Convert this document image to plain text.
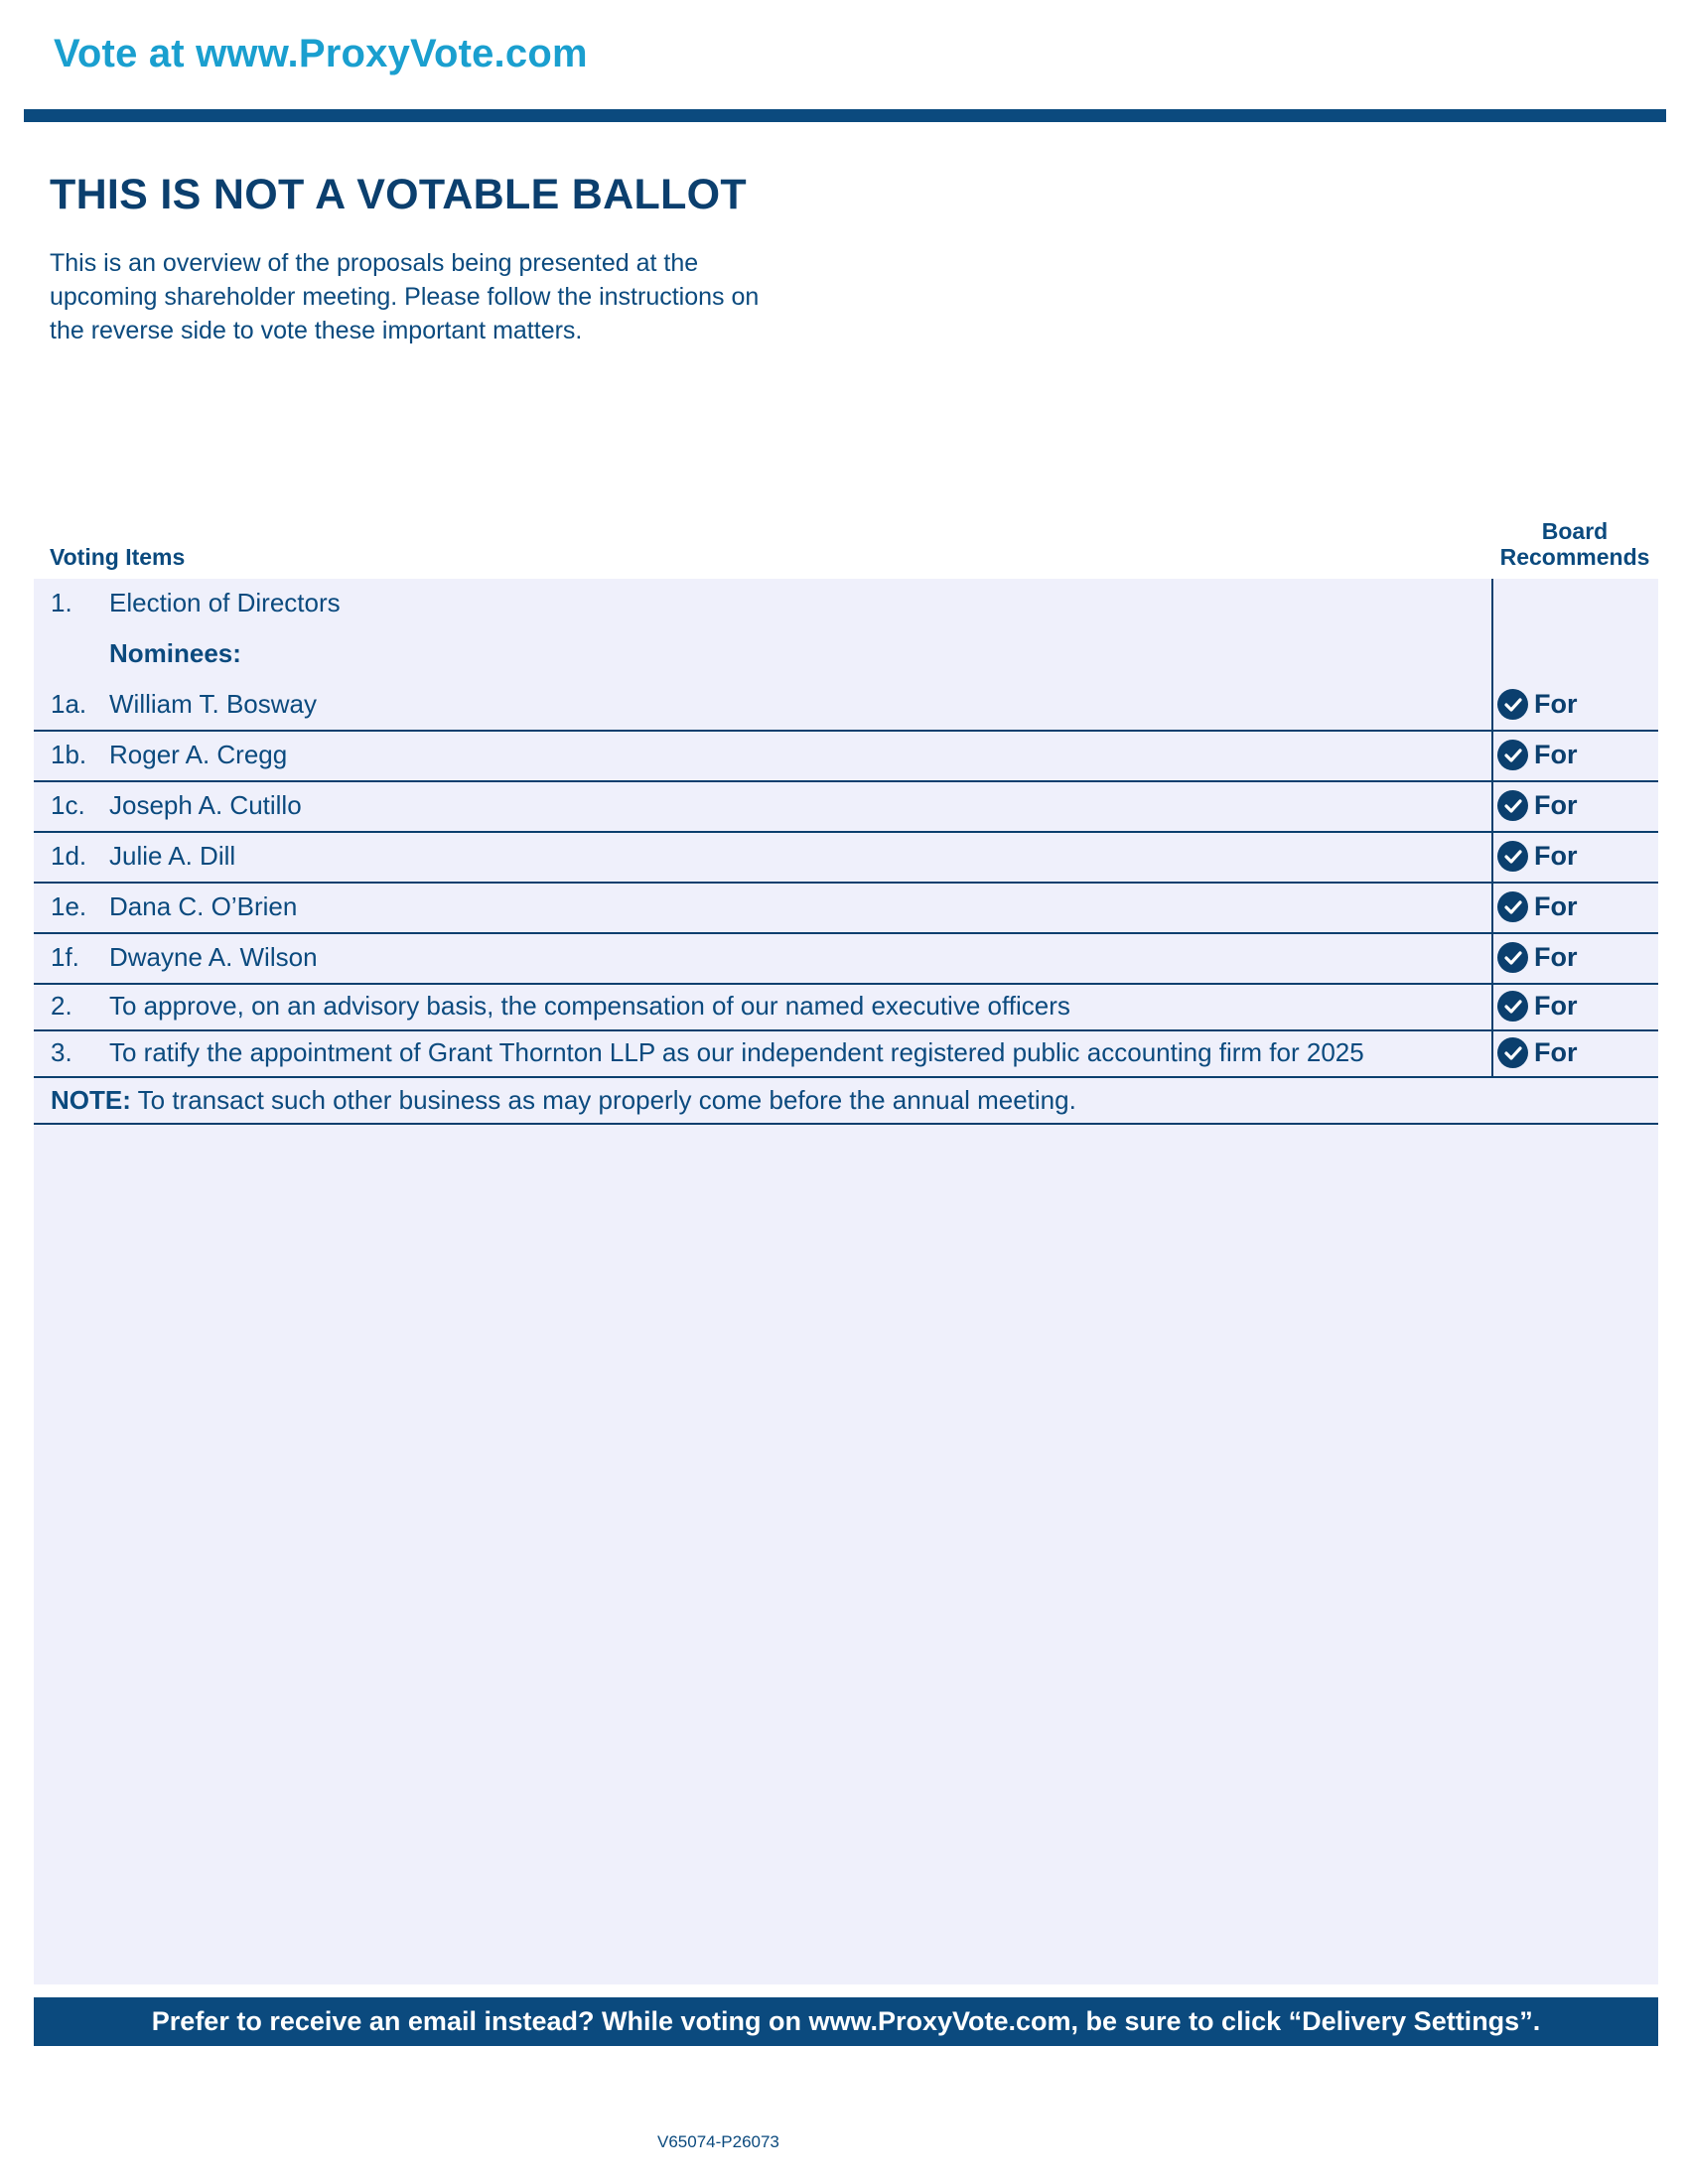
Vote at www.ProxyVote.com
THIS IS NOT A VOTABLE BALLOT
This is an overview of the proposals being presented at the
upcoming shareholder meeting. Please follow the instructions on
the reverse side to vote these important matters.
Voting Items
Board
Recommends
1. Election of Directors
Nominees:
1a. William T. Bosway	For
1b. Roger A. Cregg	For
1c. Joseph A. Cutillo	For
1d. Julie A. Dill	For
1e. Dana C. O’Brien	For
1f. Dwayne A. Wilson	For
2. To approve, on an advisory basis, the compensation of our named executive officers	For
3. To ratify the appointment of Grant Thornton LLP as our independent registered public accounting firm for 2025	For
NOTE: To transact such other business as may properly come before the annual meeting.
Prefer to receive an email instead? While voting on www.ProxyVote.com, be sure to click “Delivery Settings”.
V65074-P26073
